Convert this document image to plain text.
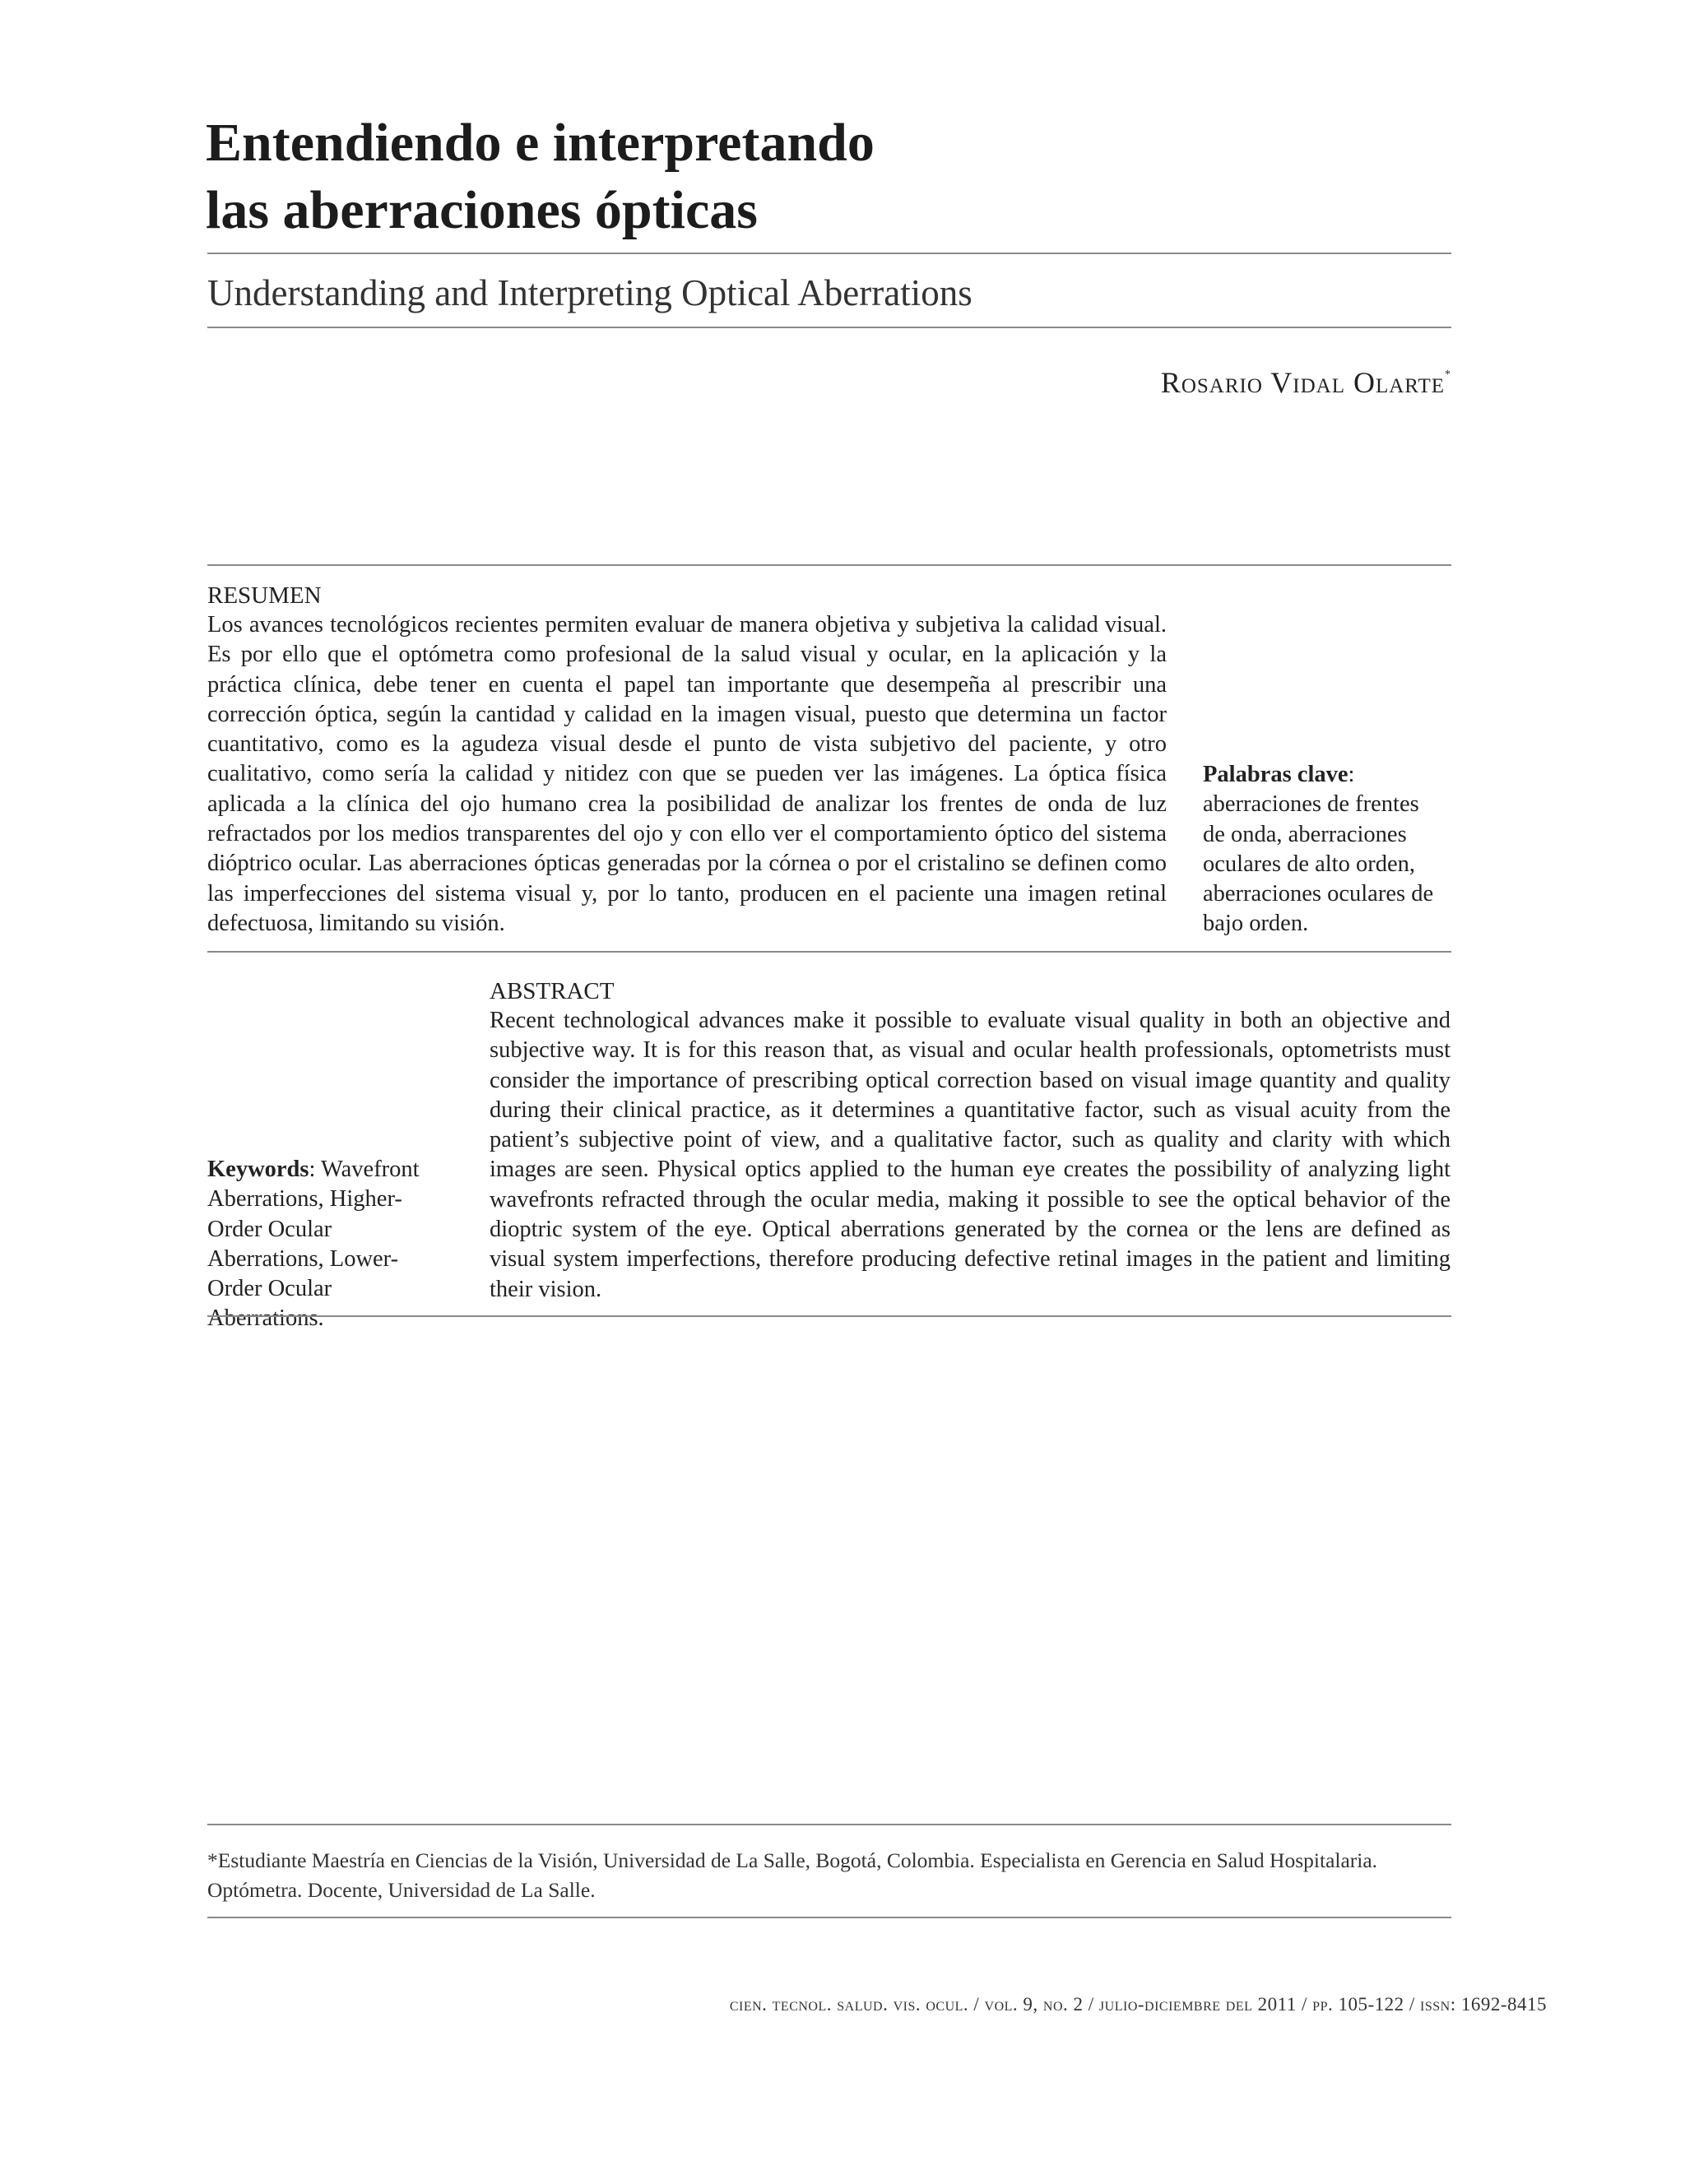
Entendiendo e interpretando
las aberraciones ópticas
Understanding and Interpreting Optical Aberrations
Rosario Vidal Olarte*
RESUMEN
Los avances tecnológicos recientes permiten evaluar de manera objetiva y subjetiva la calidad visual. Es por ello que el optómetra como profesional de la salud visual y ocular, en la aplicación y la práctica clínica, debe tener en cuenta el papel tan importante que desempeña al prescribir una corrección óptica, según la cantidad y calidad en la imagen visual, puesto que determina un factor cuantitativo, como es la agudeza visual desde el punto de vista subjetivo del paciente, y otro cualitativo, como sería la calidad y nitidez con que se pueden ver las imágenes. La óptica física aplicada a la clínica del ojo humano crea la posibilidad de analizar los frentes de onda de luz refractados por los medios transparentes del ojo y con ello ver el comportamiento óptico del sistema dióptrico ocular. Las aberraciones ópticas generadas por la córnea o por el cristalino se definen como las imperfecciones del sistema visual y, por lo tanto, producen en el paciente una imagen retinal defectuosa, limitando su visión.
Palabras clave: aberraciones de frentes de onda, aberraciones oculares de alto orden, aberraciones oculares de bajo orden.
ABSTRACT
Recent technological advances make it possible to evaluate visual quality in both an objective and subjective way. It is for this reason that, as visual and ocular health professionals, optometrists must consider the importance of prescribing optical correction based on visual image quantity and quality during their clinical practice, as it determines a quantitative factor, such as visual acuity from the patient’s subjective point of view, and a qualitative factor, such as quality and clarity with which images are seen. Physical optics applied to the human eye creates the possibility of analyzing light wavefronts refracted through the ocular media, making it possible to see the optical behavior of the dioptric system of the eye. Optical aberrations generated by the cornea or the lens are defined as visual system imperfections, therefore producing defective retinal images in the patient and limiting their vision.
Keywords: Wavefront Aberrations, Higher-Order Ocular Aberrations, Lower-Order Ocular Aberrations.
*Estudiante Maestría en Ciencias de la Visión, Universidad de La Salle, Bogotá, Colombia. Especialista en Gerencia en Salud Hospitalaria. Optómetra. Docente, Universidad de La Salle.
cien. tecnol. salud. vis. ocul. / vol. 9, no. 2 / julio-diciembre del 2011 / pp. 105-122 / issn: 1692-8415
